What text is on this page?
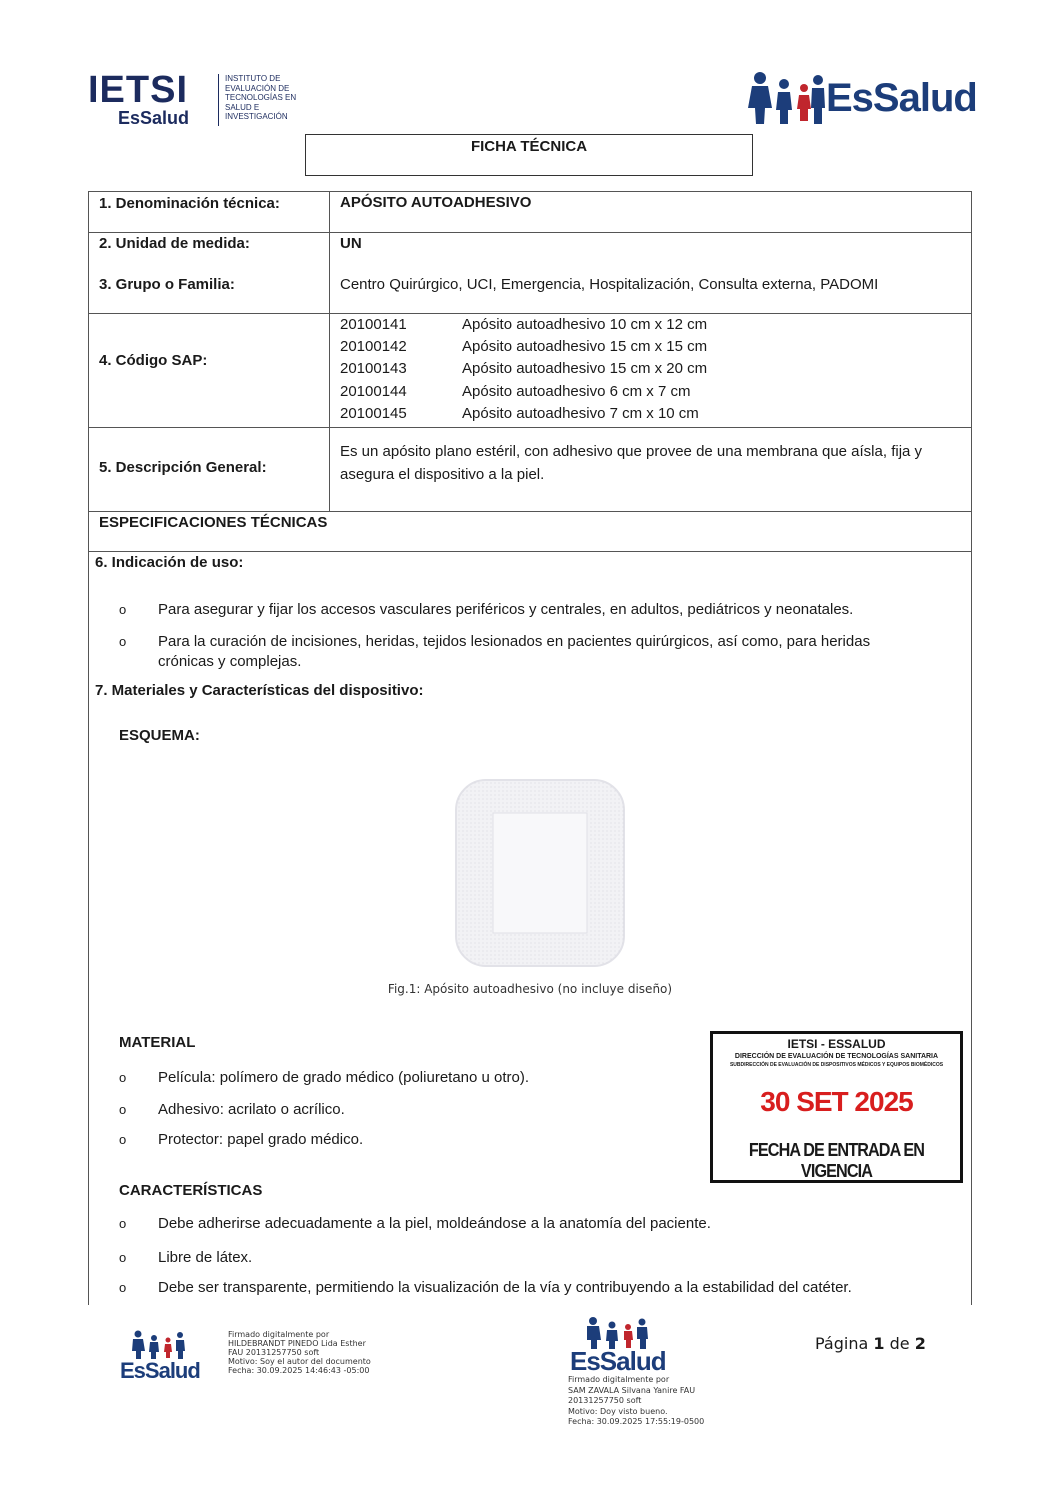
IETSI
EsSalud
INSTITUTO DE
EVALUACIÓN DE
TECNOLOGÍAS EN
SALUD E
INVESTIGACIÓN	EsSalud
FICHA TÉCNICA
1. Denominación técnica:	APÓSITO AUTOADHESIVO
2. Unidad de medida:	UN
3. Grupo o Familia:	Centro Quirúrgico, UCI, Emergencia, Hospitalización, Consulta externa, PADOMI
4. Código SAP:
20100141	Apósito autoadhesivo 10 cm x 12 cm
20100142	Apósito autoadhesivo 15 cm x 15 cm
20100143	Apósito autoadhesivo 15 cm x 20 cm
20100144	Apósito autoadhesivo 6 cm x 7 cm
20100145	Apósito autoadhesivo 7 cm x 10 cm
5. Descripción General:
Es un apósito plano estéril, con adhesivo que provee de una membrana que aísla, fija y asegura el dispositivo a la piel.
ESPECIFICACIONES TÉCNICAS
6. Indicación de uso:
o Para asegurar y fijar los accesos vasculares periféricos y centrales, en adultos, pediátricos y neonatales.
o Para la curación de incisiones, heridas, tejidos lesionados en pacientes quirúrgicos, así como, para heridas crónicas y complejas.
7. Materiales y Características del dispositivo:
ESQUEMA:
Fig.1: Apósito autoadhesivo (no incluye diseño)
MATERIAL
o Película: polímero de grado médico (poliuretano u otro).
o Adhesivo: acrilato o acrílico.
o Protector: papel grado médico.
CARACTERÍSTICAS
o Debe adherirse adecuadamente a la piel, moldeándose a la anatomía del paciente.
o Libre de látex.
o Debe ser transparente, permitiendo la visualización de la vía y contribuyendo a la estabilidad del catéter.
IETSI - ESSALUD
DIRECCIÓN DE EVALUACIÓN DE TECNOLOGÍAS SANITARIA
SUBDIRECCIÓN DE EVALUACIÓN DE DISPOSITIVOS MÉDICOS Y EQUIPOS BIOMÉDICOS
30 SET 2025
FECHA DE ENTRADA EN VIGENCIA
EsSalud
Firmado digitalmente por
HILDEBRANDT PINEDO Lida Esther
FAU 20131257750 soft
Motivo: Soy el autor del documento
Fecha: 30.09.2025 14:46:43 -05:00	EsSalud
Firmado digitalmente por
SAM ZAVALA Silvana Yanire FAU
20131257750 soft
Motivo: Doy visto bueno.
Fecha: 30.09.2025 17:55:19-0500
Página 1 de 2
